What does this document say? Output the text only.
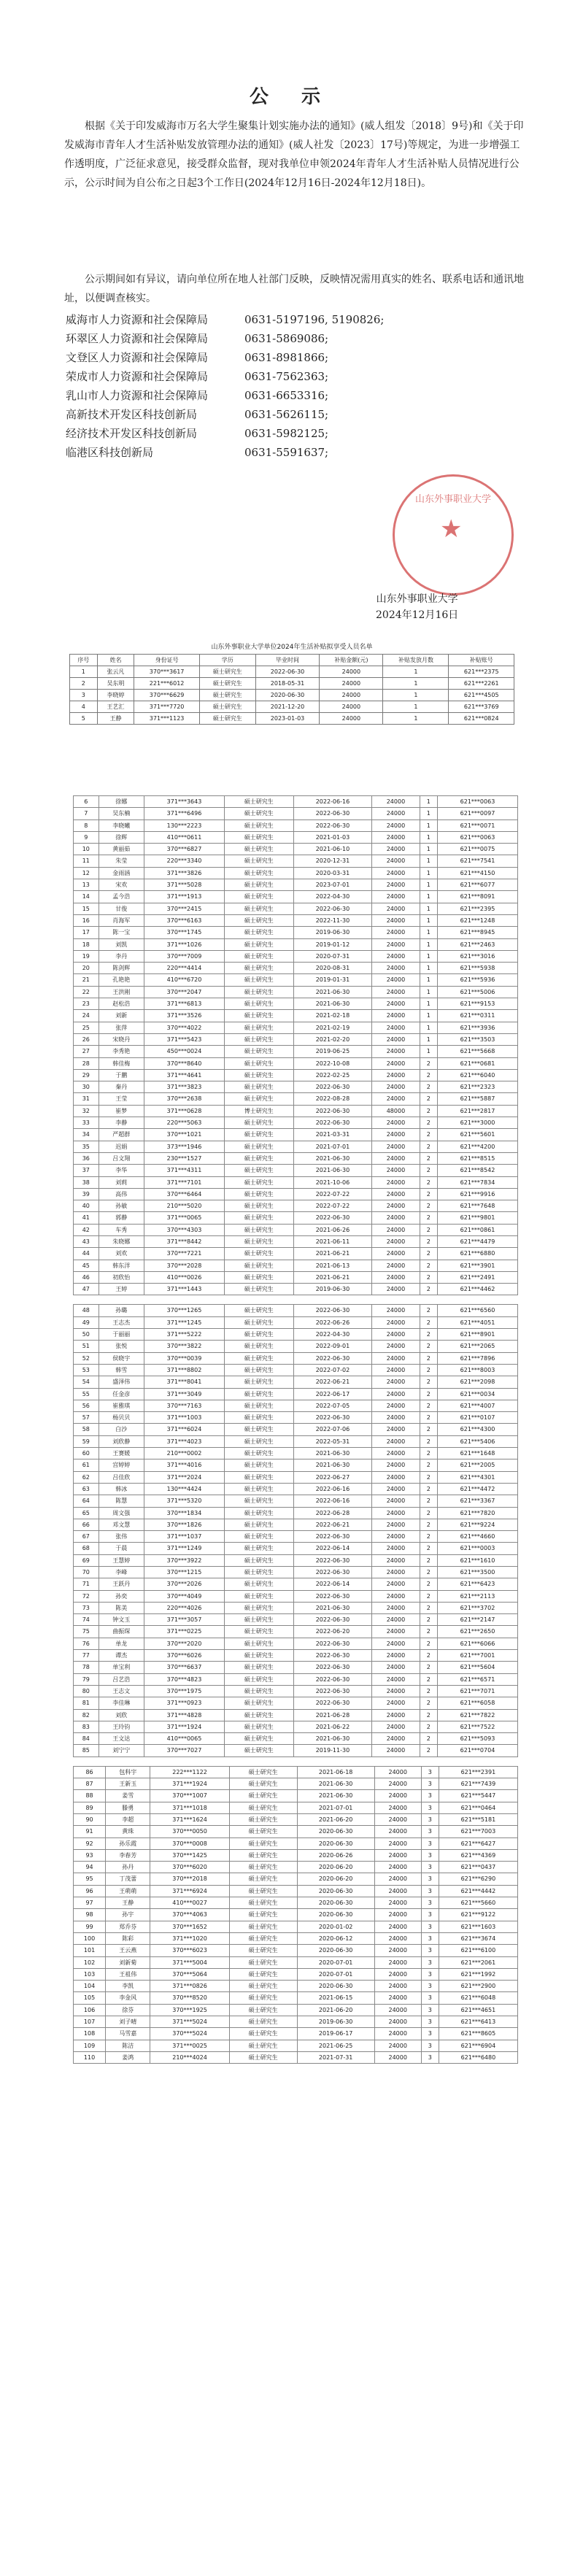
公 示
根据《关于印发威海市万名大学生聚集计划实施办法的通知》(威人组发〔2018〕9号)和《关于印发威海市青年人才生活补贴发放管理办法的通知》(威人社发〔2023〕17号)等规定，为进一步增强工作透明度，广泛征求意见，接受群众监督，现对我单位申领2024年青年人才生活补贴人员情况进行公示，公示时间为自公布之日起3个工作日(2024年12月16日-2024年12月18日)。
公示期间如有异议，请向单位所在地人社部门反映，反映情况需用真实的姓名、联系电话和通讯地址，以便调查核实。
威海市人力资源和社会保障局	0631-5197196, 5190826;
环翠区人力资源和社会保障局	0631-5869086;
文登区人力资源和社会保障局	0631-8981866;
荣成市人力资源和社会保障局	0631-7562363;
乳山市人力资源和社会保障局	0631-6653316;
高新技术开发区科技创新局	0631-5626115;
经济技术开发区科技创新局	0631-5982125;
临港区科技创新局	0631-5591637;
山东外事职业大学
★
山东外事职业大学
2024年12月16日
山东外事职业大学单位2024年生活补贴拟享受人员名单
序号	姓名	身份证号	学历	毕业时间	补贴金额(元)	补贴发放月数	补贴账号
1	张云凡	370***3617	硕士研究生	2022-06-30	24000	1	621***2375
2	吴东明	221***6012	硕士研究生	2018-05-31	24000	1	621***2261
3	李晓婷	370***6629	硕士研究生	2020-06-30	24000	1	621***4505
4	王艺汇	371***7720	硕士研究生	2021-12-20	24000	1	621***3769
5	王静	371***1123	硕士研究生	2023-01-03	24000	1	621***0824
6	徐娜	371***3643	硕士研究生	2022-06-16	24000	1	621***0063
7	吴东楠	371***6496	硕士研究生	2022-06-30	24000	1	621***0097
8	李晓曦	130***2223	硕士研究生	2022-06-30	24000	1	621***0071
9	徐辉	410***0611	硕士研究生	2021-01-03	24000	1	621***0063
10	黄丽茹	370***6827	硕士研究生	2021-06-10	24000	1	621***0075
11	朱莹	220***3340	硕士研究生	2020-12-31	24000	1	621***7541
12	金雨涵	371***3826	硕士研究生	2020-03-31	24000	1	621***4150
13	宋欢	371***5028	硕士研究生	2023-07-01	24000	1	621***6077
14	孟今浩	371***1913	硕士研究生	2022-04-30	24000	1	621***8091
15	甘俊	370***2415	硕士研究生	2022-06-30	24000	1	621***2395
16	肖海军	370***6163	硕士研究生	2022-11-30	24000	1	621***1248
17	陈一宝	370***1745	硕士研究生	2019-06-30	24000	1	621***8945
18	刘凯	371***1026	硕士研究生	2019-01-12	24000	1	621***2463
19	李丹	370***7009	硕士研究生	2020-07-31	24000	1	621***3016
20	陈剑辉	220***4414	硕士研究生	2020-08-31	24000	1	621***5938
21	孔艳艳	410***6720	硕士研究生	2019-01-31	24000	1	621***5936
22	王洪刚	370***2047	硕士研究生	2021-06-30	24000	1	621***5006
23	赵松浩	371***6813	硕士研究生	2021-06-30	24000	1	621***9153
24	刘新	371***3526	硕士研究生	2021-02-18	24000	1	621***0311
25	张萍	370***4022	硕士研究生	2021-02-19	24000	1	621***3936
26	宋晓丹	371***5423	硕士研究生	2021-02-20	24000	1	621***3503
27	李秀艳	450***0024	硕士研究生	2019-06-25	24000	1	621***5668
28	韩佳梅	370***8640	硕士研究生	2022-10-08	24000	2	621***0681
29	于鹏	371***4641	硕士研究生	2022-02-25	24000	2	621***6040
30	秦丹	371***3823	硕士研究生	2022-06-30	24000	2	621***2323
31	王莹	370***2638	硕士研究生	2022-08-28	24000	2	621***5887
32	崔梦	371***0628	博士研究生	2022-06-30	48000	2	621***2817
33	李静	220***5063	硕士研究生	2022-06-30	24000	2	621***3000
34	严超群	370***1021	硕士研究生	2021-03-31	24000	2	621***5601
35	迟娟	373***1946	硕士研究生	2021-07-01	24000	2	621***4200
36	吕文翔	230***1527	硕士研究生	2021-06-30	24000	2	621***8515
37	李华	371***4311	硕士研究生	2021-06-30	24000	2	621***8542
38	刘莉	371***7101	硕士研究生	2021-10-06	24000	2	621***7834
39	高伟	370***6464	硕士研究生	2022-07-22	24000	2	621***9916
40	孙敏	210***5020	硕士研究生	2022-07-22	24000	2	621***7648
41	郭静	371***0065	硕士研究生	2022-06-30	24000	2	621***9801
42	车秀	370***4303	硕士研究生	2021-06-26	24000	2	621***0861
43	朱晓娜	371***8442	硕士研究生	2021-06-11	24000	2	621***4479
44	刘欢	370***7221	硕士研究生	2021-06-21	24000	2	621***6880
45	韩东洋	370***2028	硕士研究生	2021-06-13	24000	2	621***3901
46	初欣怡	410***0026	硕士研究生	2021-06-21	24000	2	621***2491
47	王婷	371***1443	硕士研究生	2019-06-30	24000	2	621***4462
48	孙璐	370***1265	硕士研究生	2022-06-30	24000	2	621***6560
49	王志杰	371***1245	硕士研究生	2022-06-26	24000	2	621***4051
50	于丽丽	371***5222	硕士研究生	2022-04-30	24000	2	621***8901
51	张悦	370***3822	硕士研究生	2022-09-01	24000	2	621***2065
52	侯晓宇	370***0039	硕士研究生	2022-06-30	24000	2	621***7896
53	韩雪	371***8802	硕士研究生	2022-07-02	24000	2	621***8003
54	盛泽伟	371***8041	硕士研究生	2022-06-21	24000	2	621***2098
55	任金彦	371***3049	硕士研究生	2022-06-17	24000	2	621***0034
56	崔雅琪	370***7163	硕士研究生	2022-07-05	24000	2	621***4007
57	杨贝贝	371***1003	硕士研究生	2022-06-30	24000	2	621***0107
58	白沙	371***6024	硕士研究生	2022-07-06	24000	2	621***4300
59	刘欣静	371***4023	硕士研究生	2022-05-31	24000	2	621***5406
60	王赛媛	210***0002	硕士研究生	2021-06-30	24000	2	621***1648
61	宫婷婷	371***4016	硕士研究生	2021-06-30	24000	2	621***2005
62	吕佳欣	371***2024	硕士研究生	2022-06-27	24000	2	621***4301
63	韩冰	130***4424	硕士研究生	2022-06-16	24000	2	621***4472
64	陈慧	371***5320	硕士研究生	2022-06-16	24000	2	621***3367
65	周文强	370***1834	硕士研究生	2022-06-28	24000	2	621***7820
66	邓文慧	370***1826	硕士研究生	2022-06-21	24000	2	621***9224
67	张伟	371***1037	硕士研究生	2022-06-30	24000	2	621***4660
68	于晨	371***1249	硕士研究生	2022-06-14	24000	2	621***0003
69	王慧婷	370***3922	硕士研究生	2022-06-30	24000	2	621***1610
70	李峰	370***1215	硕士研究生	2022-06-30	24000	2	621***3500
71	王跃丹	370***2026	硕士研究生	2022-06-14	24000	2	621***6423
72	孙奕	370***4049	硕士研究生	2022-06-30	24000	2	621***2113
73	陈美	220***4026	硕士研究生	2021-06-30	24000	2	621***3702
74	钟文玉	371***3057	硕士研究生	2022-06-30	24000	2	621***2147
75	曲振琛	371***0225	硕士研究生	2022-06-20	24000	2	621***2650
76	单龙	370***2020	硕士研究生	2022-06-30	24000	2	621***6066
77	谭杰	370***6026	硕士研究生	2022-06-30	24000	2	621***7001
78	单宝利	370***6637	硕士研究生	2022-06-30	24000	2	621***5604
79	吕艺浩	370***4823	硕士研究生	2022-06-30	24000	2	621***6571
80	王志文	370***1975	硕士研究生	2022-06-30	24000	2	621***7071
81	李佳琳	371***0923	硕士研究生	2022-06-30	24000	2	621***6058
82	刘欣	371***4828	硕士研究生	2021-06-28	24000	2	621***7822
83	王玲钧	371***1924	硕士研究生	2021-06-22	24000	2	621***7522
84	王文达	410***0065	硕士研究生	2021-06-30	24000	2	621***5093
85	刘宁宁	370***7027	硕士研究生	2019-11-30	24000	2	621***0704
86	包科宇	222***1122	硕士研究生	2021-06-18	24000	3	621***2391
87	王新玉	371***1924	硕士研究生	2021-06-30	24000	3	621***7439
88	姜雪	370***1007	硕士研究生	2021-06-30	24000	3	621***5447
89	滕勇	371***1018	硕士研究生	2021-07-01	24000	3	621***0464
90	李超	371***1624	硕士研究生	2021-06-20	24000	3	621***5181
91	黄珠	370***0050	硕士研究生	2020-06-30	24000	3	621***7003
92	孙乐霞	370***0008	硕士研究生	2020-06-30	24000	3	621***6427
93	李春芳	370***1425	硕士研究生	2020-06-26	24000	3	621***4369
94	孙丹	370***6020	硕士研究生	2020-06-20	24000	3	621***0437
95	丁茂蕾	370***2018	硕士研究生	2020-06-20	24000	3	621***6290
96	王萌萌	371***6924	硕士研究生	2020-06-30	24000	3	621***4442
97	王静	410***0027	硕士研究生	2020-06-30	24000	3	621***5660
98	孙宇	370***4063	硕士研究生	2020-06-30	24000	3	621***9122
99	郑乔芬	370***1652	硕士研究生	2020-01-02	24000	3	621***1603
100	陈彩	371***1020	硕士研究生	2020-06-12	24000	3	621***3674
101	王云燕	370***6023	硕士研究生	2020-06-30	24000	3	621***6100
102	刘新菊	371***5004	硕士研究生	2020-07-01	24000	3	621***2061
103	王祖伟	370***5064	硕士研究生	2020-07-01	24000	3	621***1992
104	李凯	371***0826	硕士研究生	2020-06-30	24000	3	621***2900
105	李金风	370***8520	硕士研究生	2021-06-15	24000	3	621***6048
106	徐芬	370***1925	硕士研究生	2021-06-20	24000	3	621***4651
107	刘子晴	371***5024	硕士研究生	2019-06-30	24000	3	621***6413
108	马雪嘉	370***5024	硕士研究生	2019-06-17	24000	3	621***8605
109	陈洁	371***0025	硕士研究生	2021-06-25	24000	3	621***6904
110	姜鸿	210***4024	硕士研究生	2021-07-31	24000	3	621***6480
